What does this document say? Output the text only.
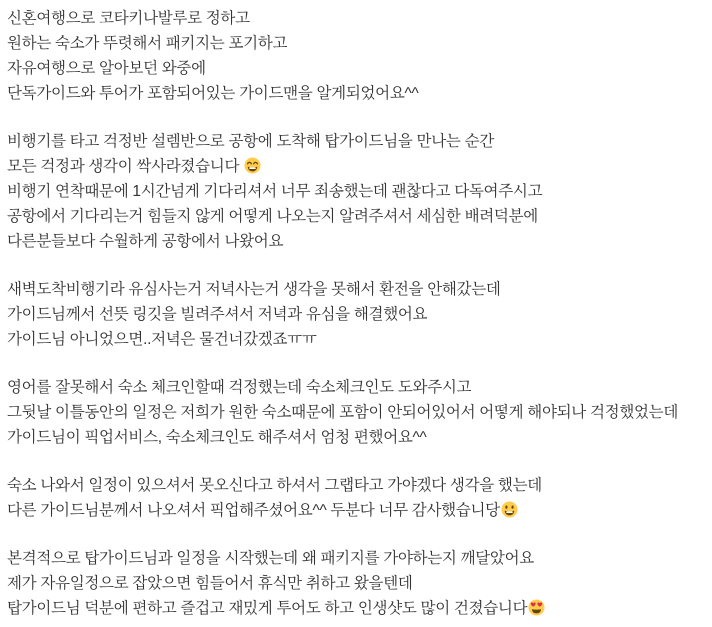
신혼여행으로 코타키나발루로 정하고
원하는 숙소가 뚜렷해서 패키지는 포기하고
자유여행으로 알아보던 와중에
단독가이드와 투어가 포함되어있는 가이드맨을 알게되었어요^^
비행기를 타고 걱정반 설렘반으로 공항에 도착해 탑가이드님을 만나는 순간
모든 걱정과 생각이 싹사라졌습니다
비행기 연착때문에 1시간넘게 기다리셔서 너무 죄송했는데 괜찮다고 다독여주시고
공항에서 기다리는거 힘들지 않게 어떻게 나오는지 알려주셔서 세심한 배려덕분에
다른분들보다 수월하게 공항에서 나왔어요
새벽도착비행기라 유심사는거 저녁사는거 생각을 못해서 환전을 안해갔는데
가이드님께서 선뜻 링깃을 빌려주셔서 저녁과 유심을 해결했어요
가이드님 아니었으면..저녁은 물건너갔겠죠ㅠㅠ
영어를 잘못해서 숙소 체크인할때 걱정했는데 숙소체크인도 도와주시고
그뒷날 이틀동안의 일정은 저희가 원한 숙소때문에 포함이 안되어있어서 어떻게 해야되나 걱정했었는데
가이드님이 픽업서비스, 숙소체크인도 해주셔서 엄청 편했어요^^
숙소 나와서 일정이 있으셔서 못오신다고 하셔서 그랩타고 가야겠다 생각을 했는데
다른 가이드님분께서 나오셔서 픽업해주셨어요^^ 두분다 너무 감사했습니당
본격적으로 탑가이드님과 일정을 시작했는데 왜 패키지를 가야하는지 깨달았어요
제가 자유일정으로 잡았으면 힘들어서 휴식만 취하고 왔을텐데
탑가이드님 덕분에 편하고 즐겁고 재밌게 투어도 하고 인생샷도 많이 건졌습니다
